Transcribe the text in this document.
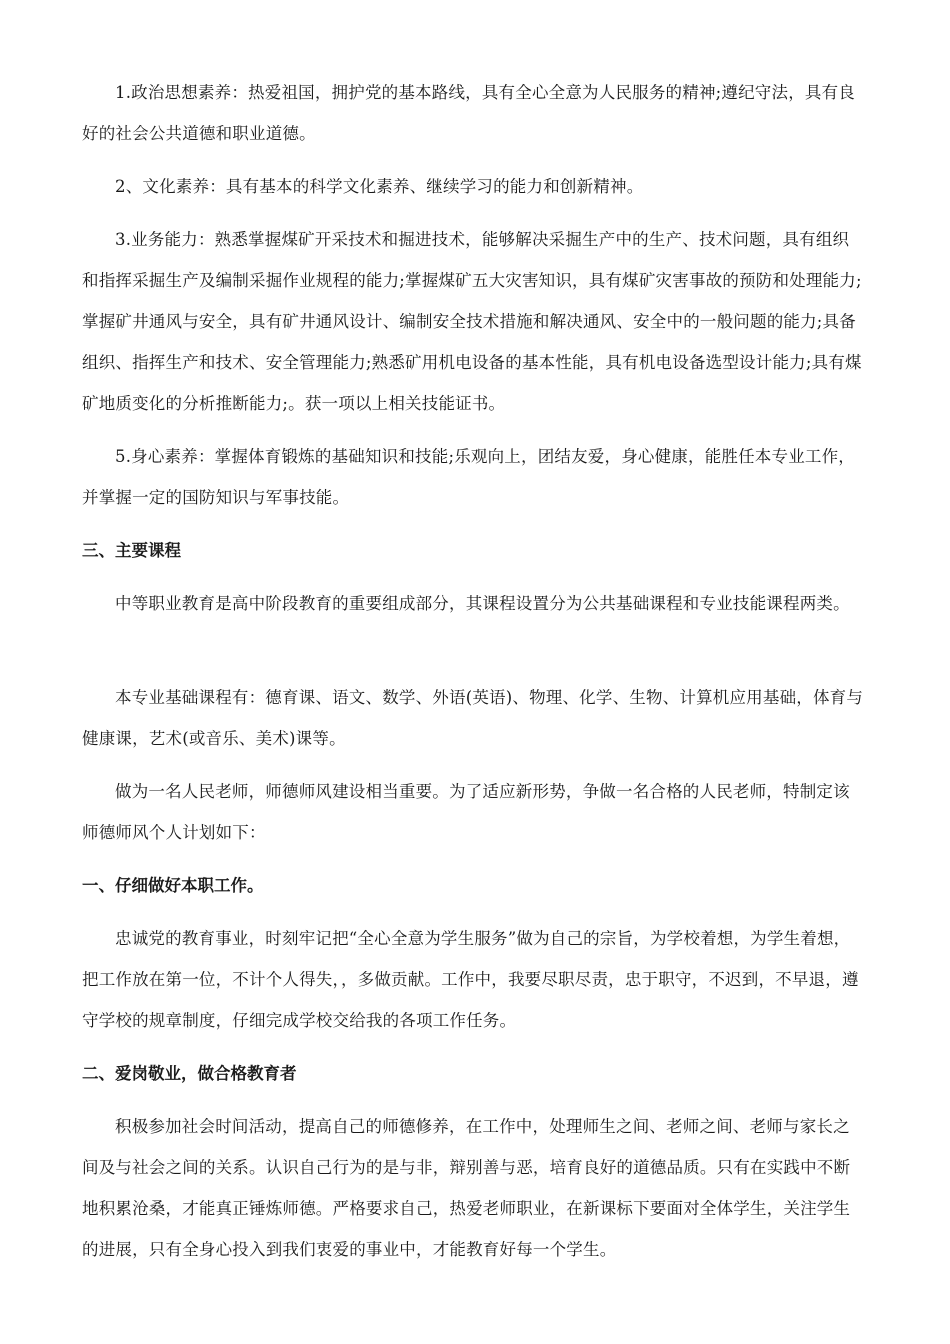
1.政治思想素养：热爱祖国，拥护党的基本路线，具有全心全意为人民服务的精神;遵纪守法，具有良好的社会公共道德和职业道德。

2、文化素养：具有基本的科学文化素养、继续学习的能力和创新精神。

3.业务能力：熟悉掌握煤矿开采技术和掘进技术，能够解决采掘生产中的生产、技术问题，具有组织和指挥采掘生产及编制采掘作业规程的能力;掌握煤矿五大灾害知识，具有煤矿灾害事故的预防和处理能力;掌握矿井通风与安全，具有矿井通风设计、编制安全技术措施和解决通风、安全中的一般问题的能力;具备组织、指挥生产和技术、安全管理能力;熟悉矿用机电设备的基本性能，具有机电设备选型设计能力;具有煤矿地质变化的分析推断能力;。获一项以上相关技能证书。

5.身心素养：掌握体育锻炼的基础知识和技能;乐观向上，团结友爱，身心健康，能胜任本专业工作，并掌握一定的国防知识与军事技能。

三、主要课程

中等职业教育是高中阶段教育的重要组成部分，其课程设置分为公共基础课程和专业技能课程两类。

本专业基础课程有：德育课、语文、数学、外语(英语)、物理、化学、生物、计算机应用基础，体育与健康课，艺术(或音乐、美术)课等。

做为一名人民老师，师德师风建设相当重要。为了适应新形势，争做一名合格的人民老师，特制定该师德师风个人计划如下：

一、仔细做好本职工作。

忠诚党的教育事业，时刻牢记把“全心全意为学生服务”做为自己的宗旨，为学校着想，为学生着想，把工作放在第一位，不计个人得失，，多做贡献。工作中，我要尽职尽责，忠于职守，不迟到，不早退，遵守学校的规章制度，仔细完成学校交给我的各项工作任务。

二、爱岗敬业，做合格教育者

积极参加社会时间活动，提高自己的师德修养，在工作中，处理师生之间、老师之间、老师与家长之间及与社会之间的关系。认识自己行为的是与非，辩别善与恶，培育良好的道德品质。只有在实践中不断地积累沧桑，才能真正锤炼师德。严格要求自己，热爱老师职业，在新课标下要面对全体学生，关注学生的进展，只有全身心投入到我们衷爱的事业中，才能教育好每一个学生。
